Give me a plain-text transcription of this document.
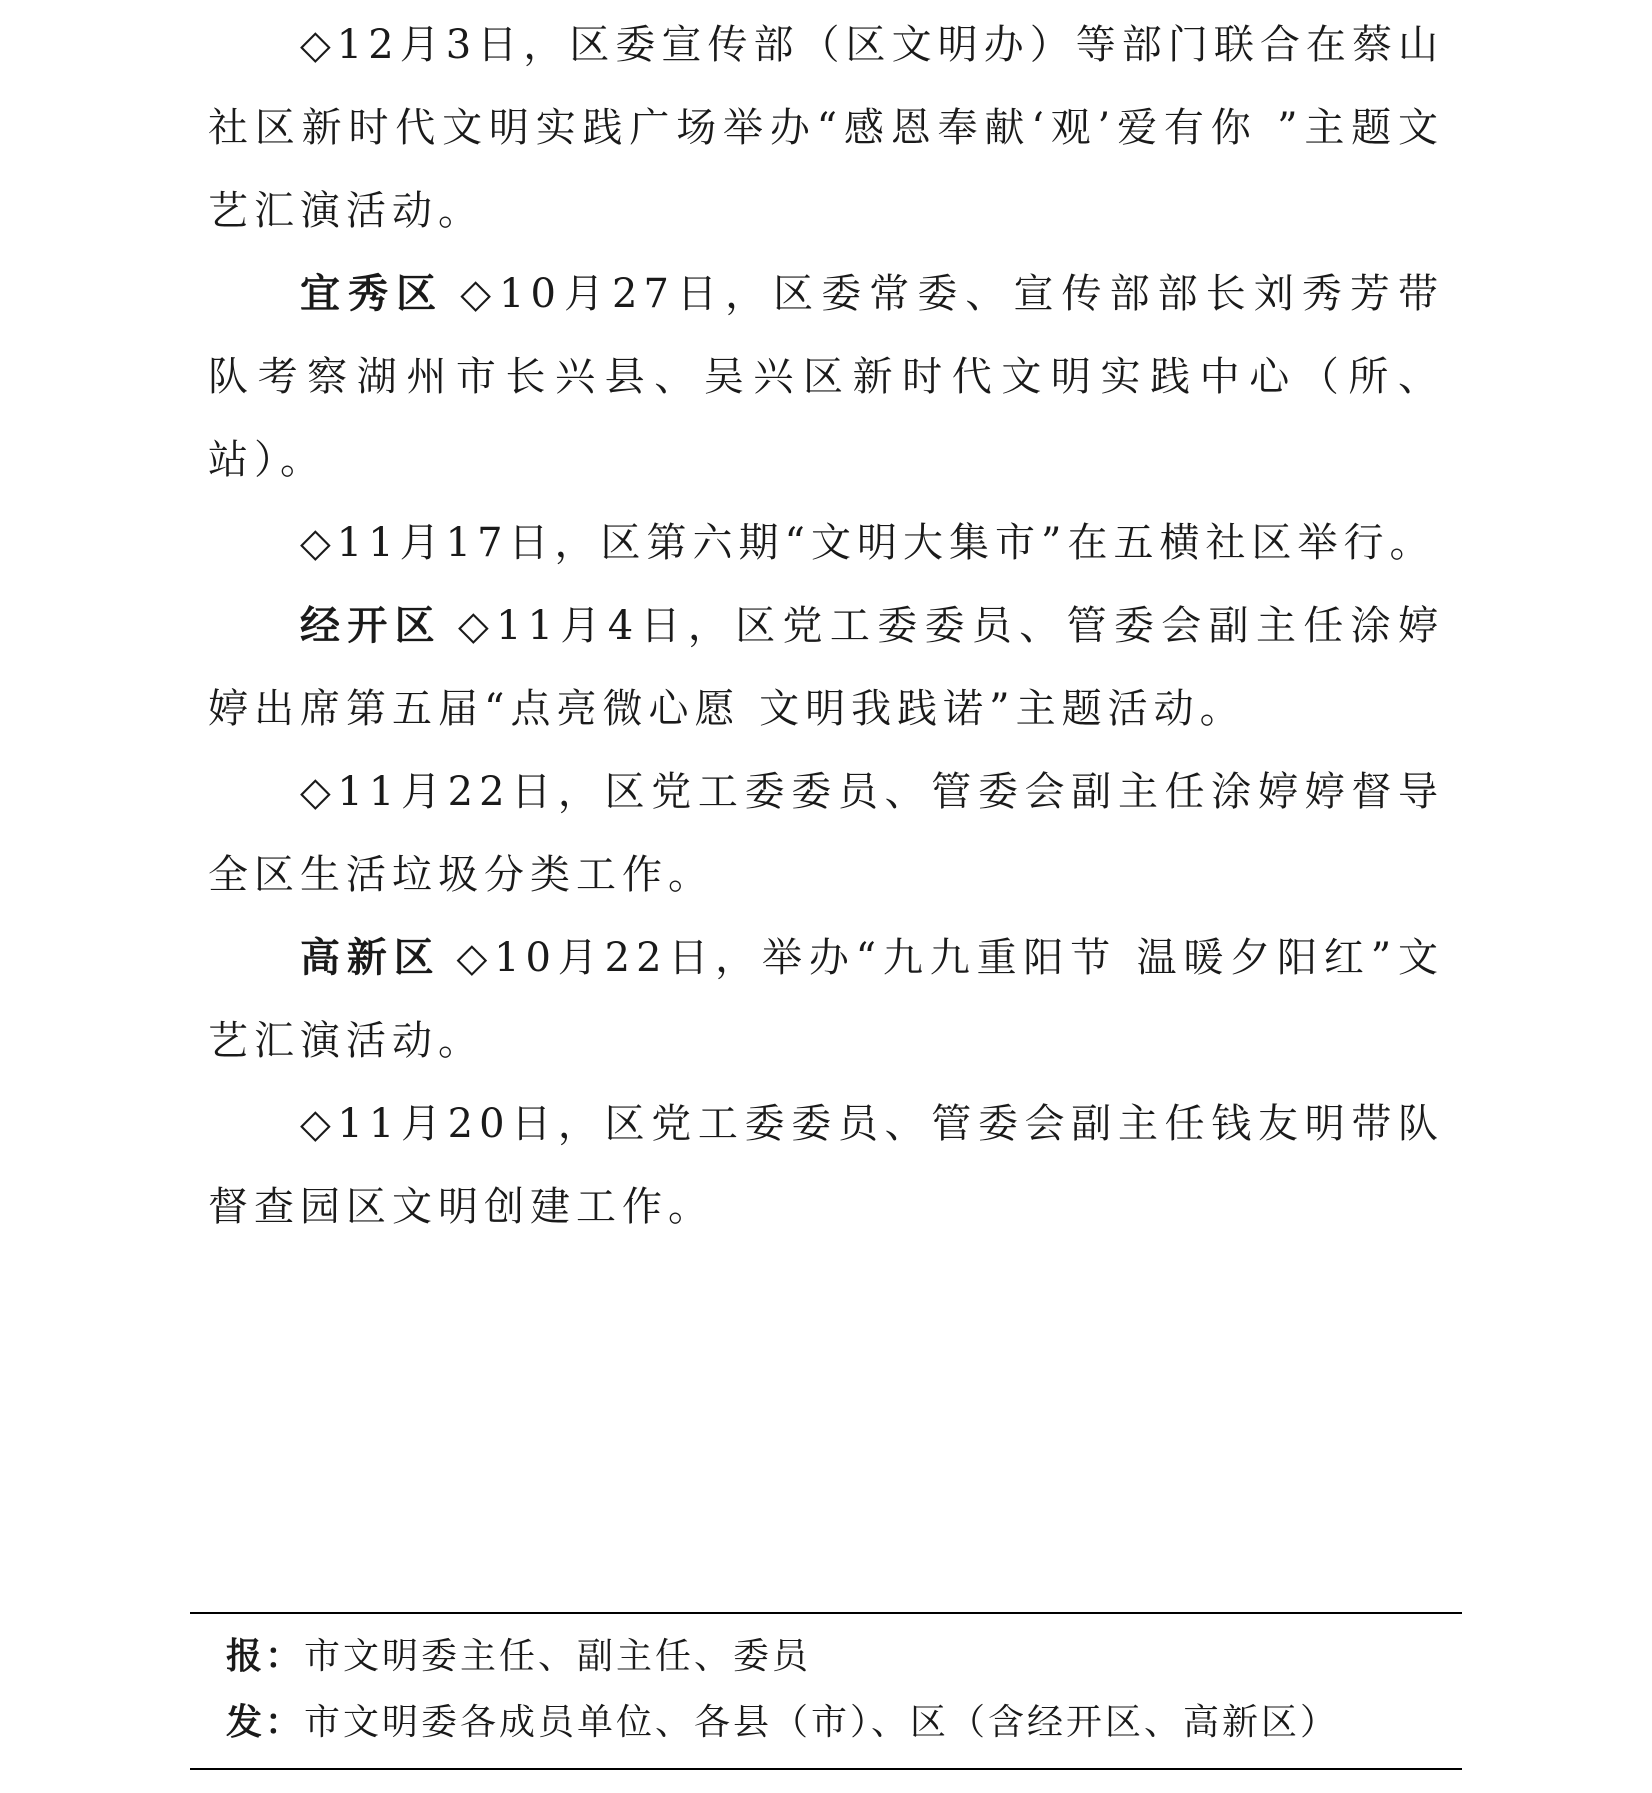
◇12月3日，区委宣传部（区文明办）等部门联合在蔡山社区新时代文明实践广场举办“感恩奉献‘观’爱有你 ”主题文艺汇演活动。

宜秀区 ◇10月27日，区委常委、宣传部部长刘秀芳带队考察湖州市长兴县、吴兴区新时代文明实践中心（所、站）。

◇11月17日，区第六期“文明大集市”在五横社区举行。

经开区 ◇11月4日，区党工委委员、管委会副主任涂婷婷出席第五届“点亮微心愿 文明我践诺”主题活动。

◇11月22日，区党工委委员、管委会副主任涂婷婷督导全区生活垃圾分类工作。

高新区 ◇10月22日，举办“九九重阳节 温暖夕阳红”文艺汇演活动。

◇11月20日，区党工委委员、管委会副主任钱友明带队督查园区文明创建工作。

报：市文明委主任、副主任、委员
发：市文明委各成员单位、各县（市）、区（含经开区、高新区）
